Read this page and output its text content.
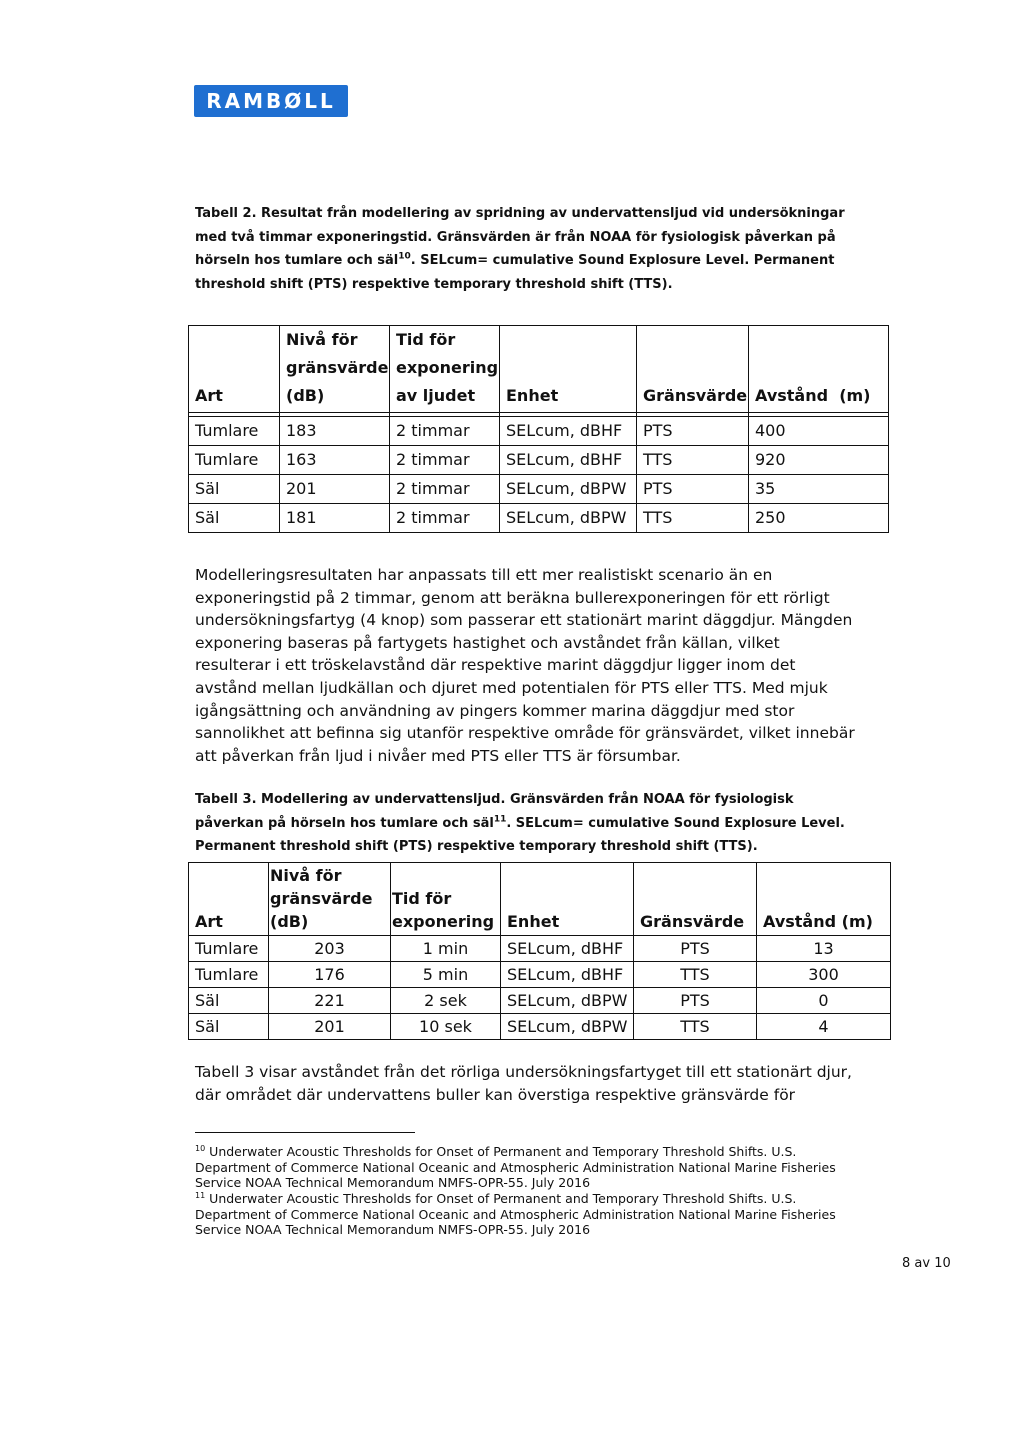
RAMBØLL
Tabell 2. Resultat från modellering av spridning av undervattensljud vid undersökningar med två timmar exponeringstid. Gränsvärden är från NOAA för fysiologisk påverkan på hörseln hos tumlare och säl$^{10}$. SELcum= cumulative Sound Explosure Level. Permanent threshold shift (PTS) respektive temporary threshold shift (TTS).
Art	Nivå för gränsvärde (dB)	Tid för exponering av ljudet	Enhet	Gränsvärde	Avstånd  (m)

Tumlare	183	2 timmar	SELcum, dBHF	PTS	400
Tumlare	163	2 timmar	SELcum, dBHF	TTS	920
Säl	201	2 timmar	SELcum, dBPW	PTS	35
Säl	181	2 timmar	SELcum, dBPW	TTS	250
Modelleringsresultaten har anpassats till ett mer realistiskt scenario än en exponeringstid på 2 timmar, genom att beräkna bullerexponeringen för ett rörligt undersökningsfartyg (4 knop) som passerar ett stationärt marint däggdjur. Mängden exponering baseras på fartygets hastighet och avståndet från källan, vilket resulterar i ett tröskelavstånd där respektive marint däggdjur ligger inom det avstånd mellan ljudkällan och djuret med potentialen för PTS eller TTS. Med mjuk igångsättning och användning av pingers kommer marina däggdjur med stor sannolikhet att befinna sig utanför respektive område för gränsvärdet, vilket innebär att påverkan från ljud i nivåer med PTS eller TTS är försumbar.
Tabell 3. Modellering av undervattensljud. Gränsvärden från NOAA för fysiologisk påverkan på hörseln hos tumlare och säl$^{11}$. SELcum= cumulative Sound Explosure Level. Permanent threshold shift (PTS) respektive temporary threshold shift (TTS).
Art	Nivå för gränsvärde (dB)	Tid för exponering	Enhet	Gränsvärde	Avstånd (m)
Tumlare	203	1 min	SELcum, dBHF	PTS	13
Tumlare	176	5 min	SELcum, dBHF	TTS	300
Säl	221	2 sek	SELcum, dBPW	PTS	0
Säl	201	10 sek	SELcum, dBPW	TTS	4
Tabell 3 visar avståndet från det rörliga undersökningsfartyget till ett stationärt djur, där området där undervattens buller kan överstiga respektive gränsvärde för
$^{10}$ Underwater Acoustic Thresholds for Onset of Permanent and Temporary Threshold Shifts. U.S. Department of Commerce National Oceanic and Atmospheric Administration National Marine Fisheries Service NOAA Technical Memorandum NMFS-OPR-55. July 2016
$^{11}$ Underwater Acoustic Thresholds for Onset of Permanent and Temporary Threshold Shifts. U.S. Department of Commerce National Oceanic and Atmospheric Administration National Marine Fisheries Service NOAA Technical Memorandum NMFS-OPR-55. July 2016
8 av 10
